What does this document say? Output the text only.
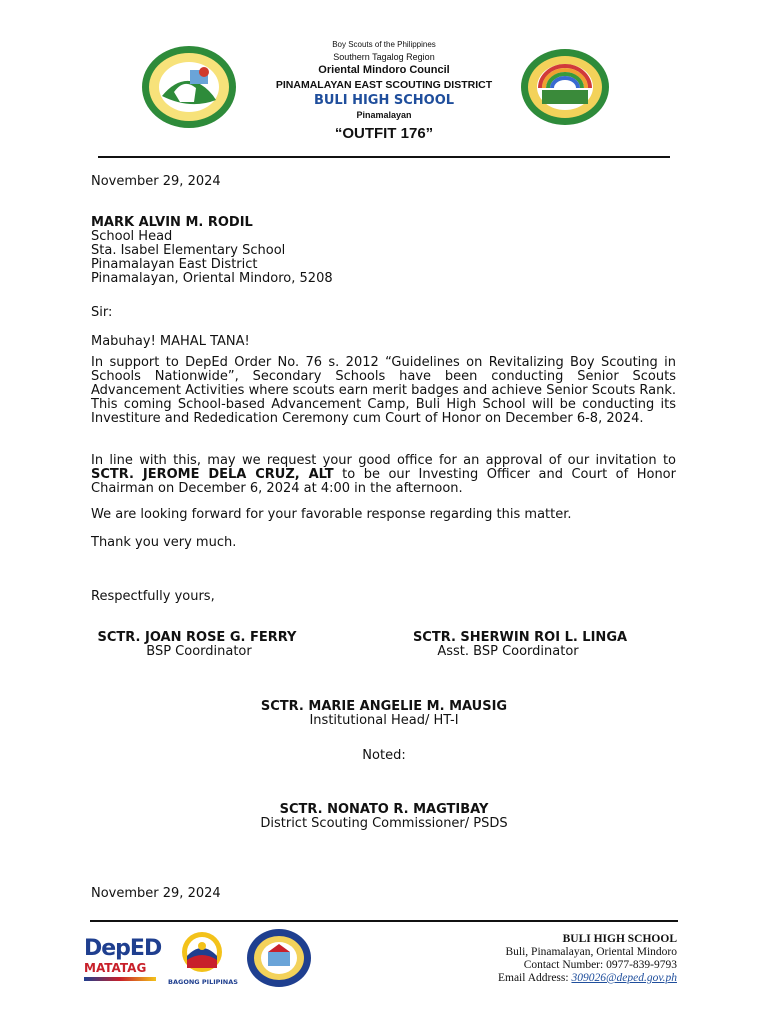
Boy Scouts of the Philippines
Southern Tagalog Region
Oriental Mindoro Council
PINAMALAYAN EAST SCOUTING DISTRICT
BULI HIGH SCHOOL
Pinamalayan
“OUTFIT 176”
November 29, 2024
MARK ALVIN M. RODIL
School Head
Sta. Isabel Elementary School
Pinamalayan East District
Pinamalayan, Oriental Mindoro, 5208
Sir:
Mabuhay! MAHAL TANA!
In support to DepEd Order No. 76 s. 2012 “Guidelines on Revitalizing Boy Scouting in Schools Nationwide”, Secondary Schools have been conducting Senior Scouts Advancement Activities where scouts earn merit badges and achieve Senior Scouts Rank. This coming School-based Advancement Camp, Buli High School will be conducting its Investiture and Rededication Ceremony cum Court of Honor on December 6-8, 2024.
In line with this, may we request your good office for an approval of our invitation to SCTR. JEROME DELA CRUZ, ALT to be our Investing Officer and Court of Honor Chairman on December 6, 2024 at 4:00 in the afternoon.
We are looking forward for your favorable response regarding this matter.
Thank you very much.
Respectfully yours,
SCTR. JOAN ROSE G. FERRY
BSP Coordinator
SCTR. SHERWIN ROI L. LINGA
Asst. BSP Coordinator
SCTR. MARIE ANGELIE M. MAUSIG
Institutional Head/ HT-I
Noted:
SCTR. NONATO R. MAGTIBAY
District Scouting Commissioner/ PSDS
November 29, 2024
DepED
MATATAG
BAGONG PILIPINAS
BULI HIGH SCHOOL
Buli, Pinamalayan, Oriental Mindoro
Contact Number: 0977-839-9793
Email Address: 309026@deped.gov.ph
